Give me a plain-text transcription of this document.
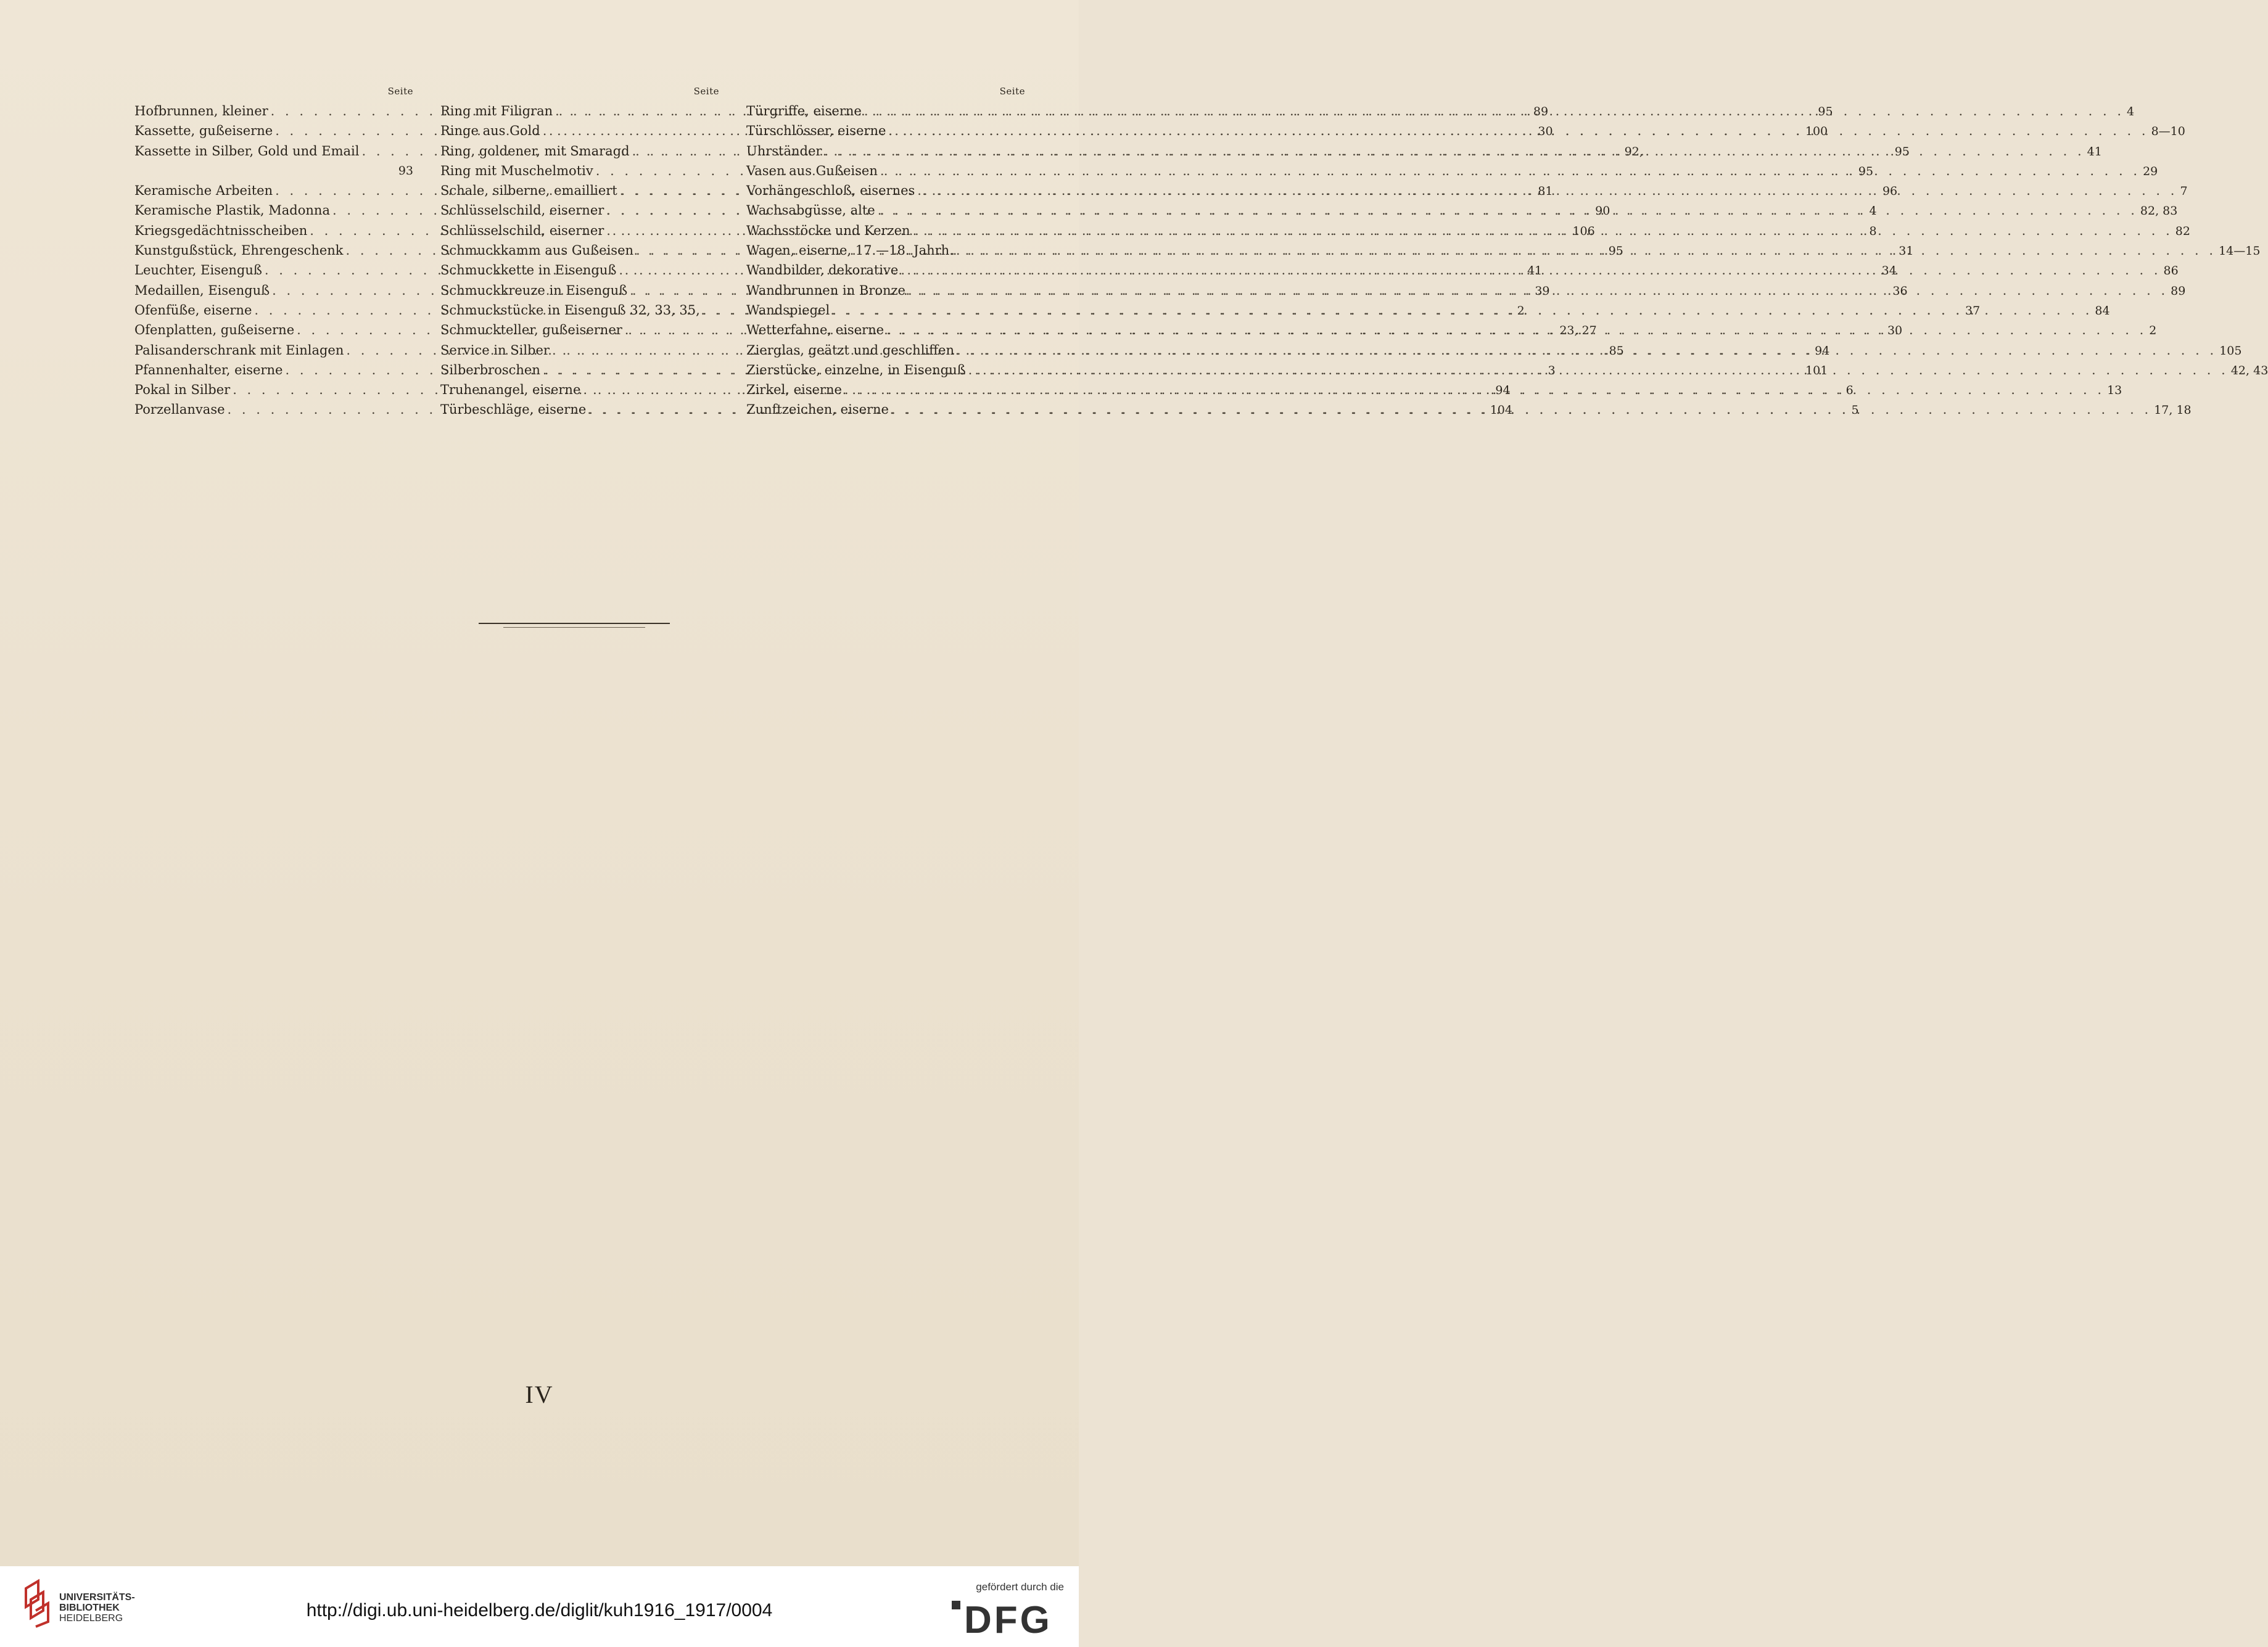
Seite
Hofbrunnen, kleiner . . .	89
Kassette, gußeiserne . . .	30
Kassette in Silber, Gold und Email . . .	92,
93
Keramische Arbeiten . . .	81
Keramische Plastik, Madonna . . .	90
Kriegsgedächtnisscheiben . . .	106
Kunstgußstück, Ehrengeschenk . . .	95
Leuchter, Eisenguß . . .	41
Medaillen, Eisenguß . . .	39
Ofenfüße, eiserne . . .	2
Ofenplatten, gußeiserne . . .	23, 27
Palisanderschrank mit Einlagen . . .	85
Pfannenhalter, eiserne . . .	3
Pokal in Silber . . .	94
Porzellanvase . . .	104
Seite
Ring mit Filigran . . .	95
Ringe aus Gold . . .	100
Ring, goldener, mit Smaragd . . .	95
Ring mit Muschelmotiv . . .	95
Schale, silberne, emailliert . . .	96
Schlüsselschild, eiserner . . .	4
Schlüsselschild, eiserner . . .	8
Schmuckkamm aus Gußeisen . . .	31
Schmuckkette in Eisenguß . . .	34
Schmuckkreuze in Eisenguß . . .	36
Schmuckstücke in Eisenguß 32, 33, 35, . . .	37
Schmuckteller, gußeiserner . . .	30
Service in Silber . . .	94
Silberbroschen . . .	101
Truhenangel, eiserne . . .	6
Türbeschläge, eiserne . . .	5
Seite
Türgriffe, eiserne . . .	4
Türschlösser, eiserne . . .	8—10
Uhrständer . . .	41
Vasen aus Gußeisen . . .	29
Vorhängeschloß, eisernes . . .	7
Wachsabgüsse, alte . . .	82, 83
Wachsstöcke und Kerzen . . .	82
Wagen, eiserne, 17.—18. Jahrh. . . .	14—15
Wandbilder, dekorative . . .	86
Wandbrunnen in Bronze . . .	89
Wandspiegel . . .	84
Wetterfahne, eiserne . . .	2
Zierglas, geätzt und geschliffen . . .	105
Zierstücke, einzelne, in Eisenguß . . .	42, 43
Zirkel, eiserne . . .	13
Zunftzeichen, eiserne . . .	17, 18
IV
UNIVERSITÄTS-
BIBLIOTHEK
HEIDELBERG	http://digi.ub.uni-heidelberg.de/diglit/kuh1916_1917/0004
gefördert durch die
DFG
